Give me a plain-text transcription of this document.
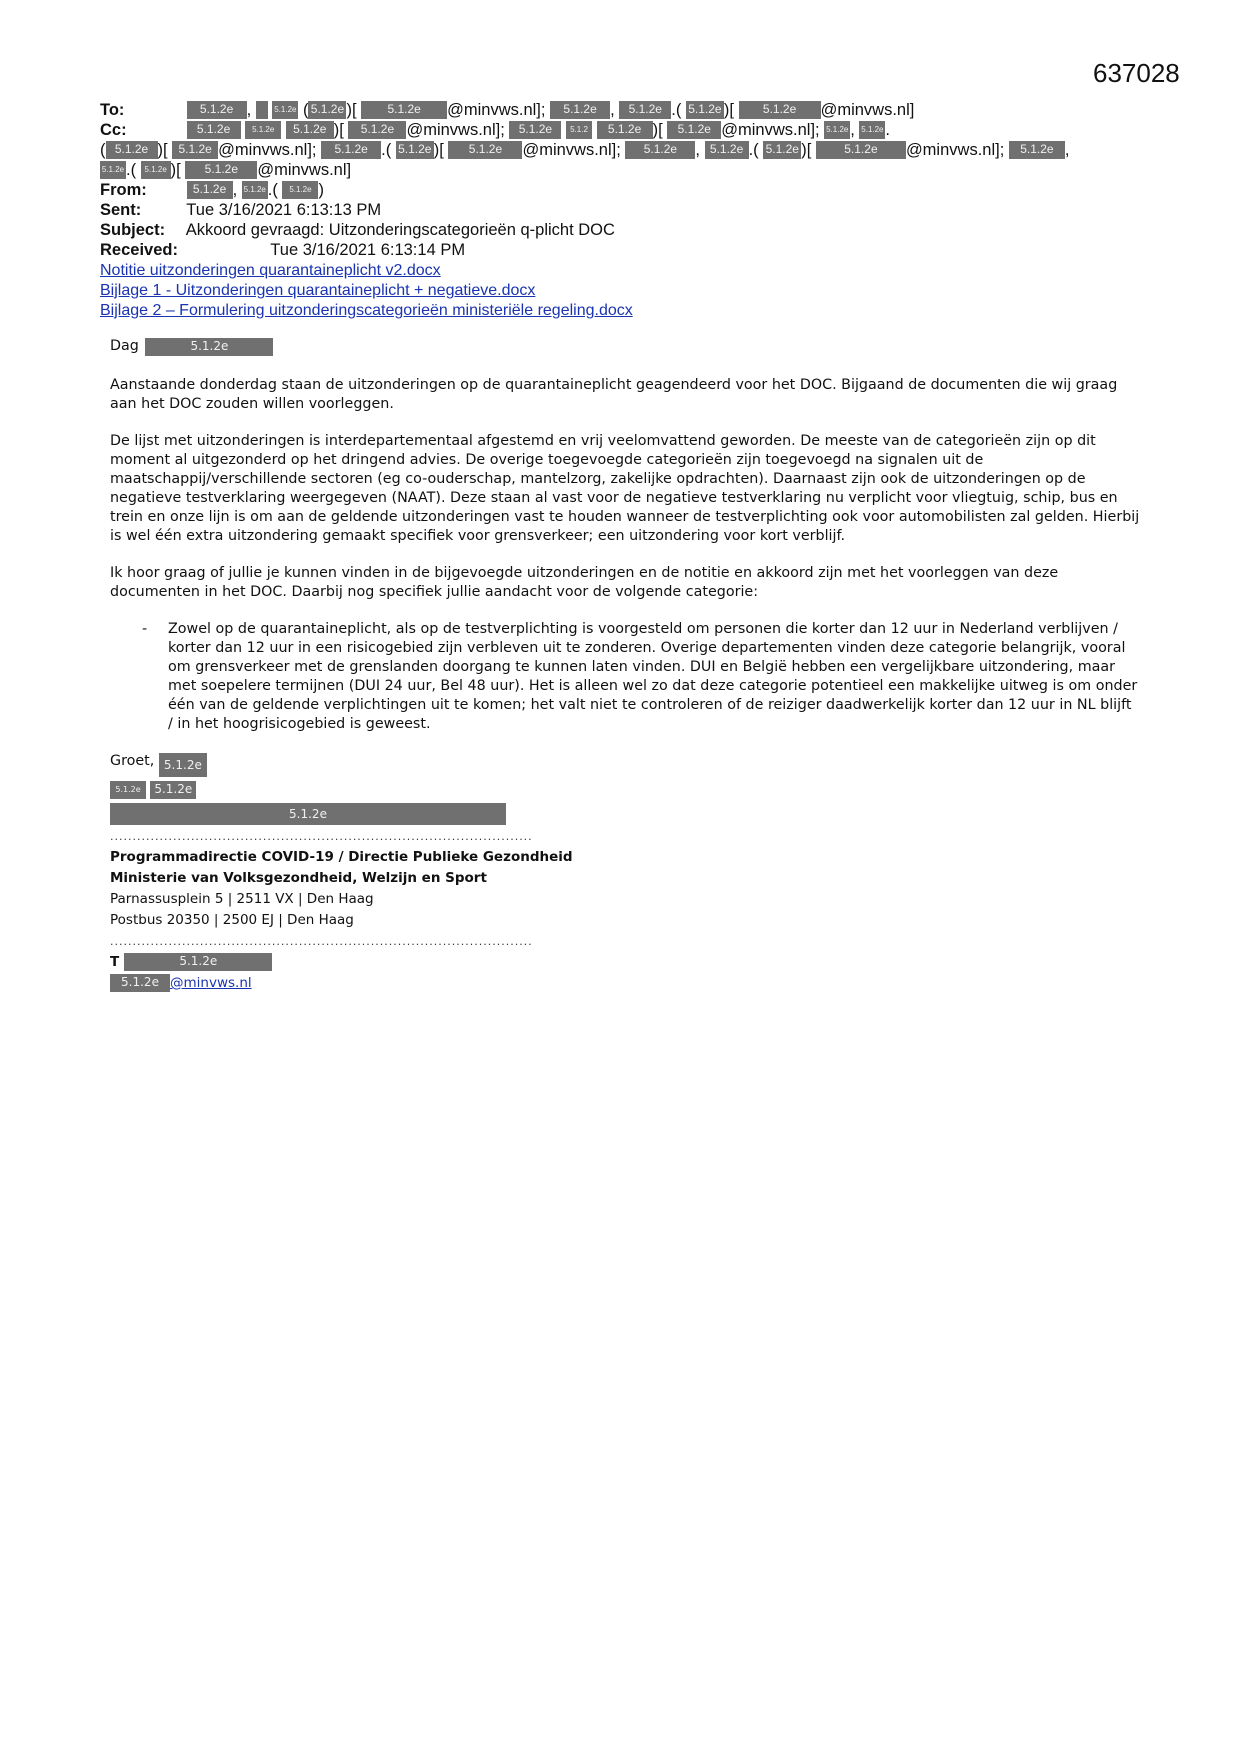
637028
To:	5.1.2e ,  5.1.2e ( 5.1.2e )[ 5.1.2e @minvws.nl]; 5.1.2e , 5.1.2e .( 5.1.2e )[ 5.1.2e @minvws.nl]
Cc:	5.1.2e	5.1.2e 5.1.2e )[ 5.1.2e @minvws.nl]; 5.1.2e 5.1.2 5.1.2e )[ 5.1.2e @minvws.nl]; 5.1.2e , 5.1.2e .
( 5.1.2e )[ 5.1.2e @minvws.nl]; 5.1.2e .( 5.1.2e )[ 5.1.2e @minvws.nl]; 5.1.2e , 5.1.2e .( 5.1.2e )[ 5.1.2e @minvws.nl]; 5.1.2e ,
5.1.2e .( 5.1.2e )[ 5.1.2e @minvws.nl]
From:	5.1.2e , 5.1.2e .( 5.1.2e )
Sent:	Tue 3/16/2021 6:13:13 PM
Subject: Akkoord gevraagd: Uitzonderingscategorieën q-plicht DOC
Received:	Tue 3/16/2021 6:13:14 PM
Notitie uitzonderingen quarantaineplicht v2.docx
Bijlage 1 - Uitzonderingen quarantaineplicht + negatieve.docx
Bijlage 2 – Formulering uitzonderingscategorieën ministeriële regeling.docx

Dag	5.1.2e

Aanstaande donderdag staan de uitzonderingen op de quarantaineplicht geagendeerd voor het DOC. Bijgaand de documenten die wij graag aan het DOC zouden willen voorleggen.

De lijst met uitzonderingen is interdepartementaal afgestemd en vrij veelomvattend geworden. De meeste van de categorieën zijn op dit moment al uitgezonderd op het dringend advies. De overige toegevoegde categorieën zijn toegevoegd na signalen uit de maatschappij/verschillende sectoren (eg co-ouderschap, mantelzorg, zakelijke opdrachten). Daarnaast zijn ook de uitzonderingen op de negatieve testverklaring weergegeven (NAAT). Deze staan al vast voor de negatieve testverklaring nu verplicht voor vliegtuig, schip, bus en trein en onze lijn is om aan de geldende uitzonderingen vast te houden wanneer de testverplichting ook voor automobilisten zal gelden. Hierbij is wel één extra uitzondering gemaakt specifiek voor grensverkeer; een uitzondering voor kort verblijf.

Ik hoor graag of jullie je kunnen vinden in de bijgevoegde uitzonderingen en de notitie en akkoord zijn met het voorleggen van deze documenten in het DOC. Daarbij nog specifiek jullie aandacht voor de volgende categorie:

-	Zowel op de quarantaineplicht, als op de testverplichting is voorgesteld om personen die korter dan 12 uur in Nederland verblijven / korter dan 12 uur in een risicogebied zijn verbleven uit te zonderen. Overige departementen vinden deze categorie belangrijk, vooral om grensverkeer met de grenslanden doorgang te kunnen laten vinden. DUI en België hebben een vergelijkbare uitzondering, maar met soepelere termijnen (DUI 24 uur, Bel 48 uur). Het is alleen wel zo dat deze categorie potentieel een makkelijke uitweg is om onder één van de geldende verplichtingen uit te komen; het valt niet te controleren of de reiziger daadwerkelijk korter dan 12 uur in NL blijft / in het hoogrisicogebied is geweest.

Groet, 5.1.2e

5.1.2e 5.1.2e
5.1.2e
..............................................................................................
Programmadirectie COVID-19 / Directie Publieke Gezondheid
Ministerie van Volksgezondheid, Welzijn en Sport
Parnassusplein 5 | 2511 VX | Den Haag
Postbus 20350 | 2500 EJ | Den Haag
..............................................................................................
T	5.1.2e
5.1.2e @minvws.nl
